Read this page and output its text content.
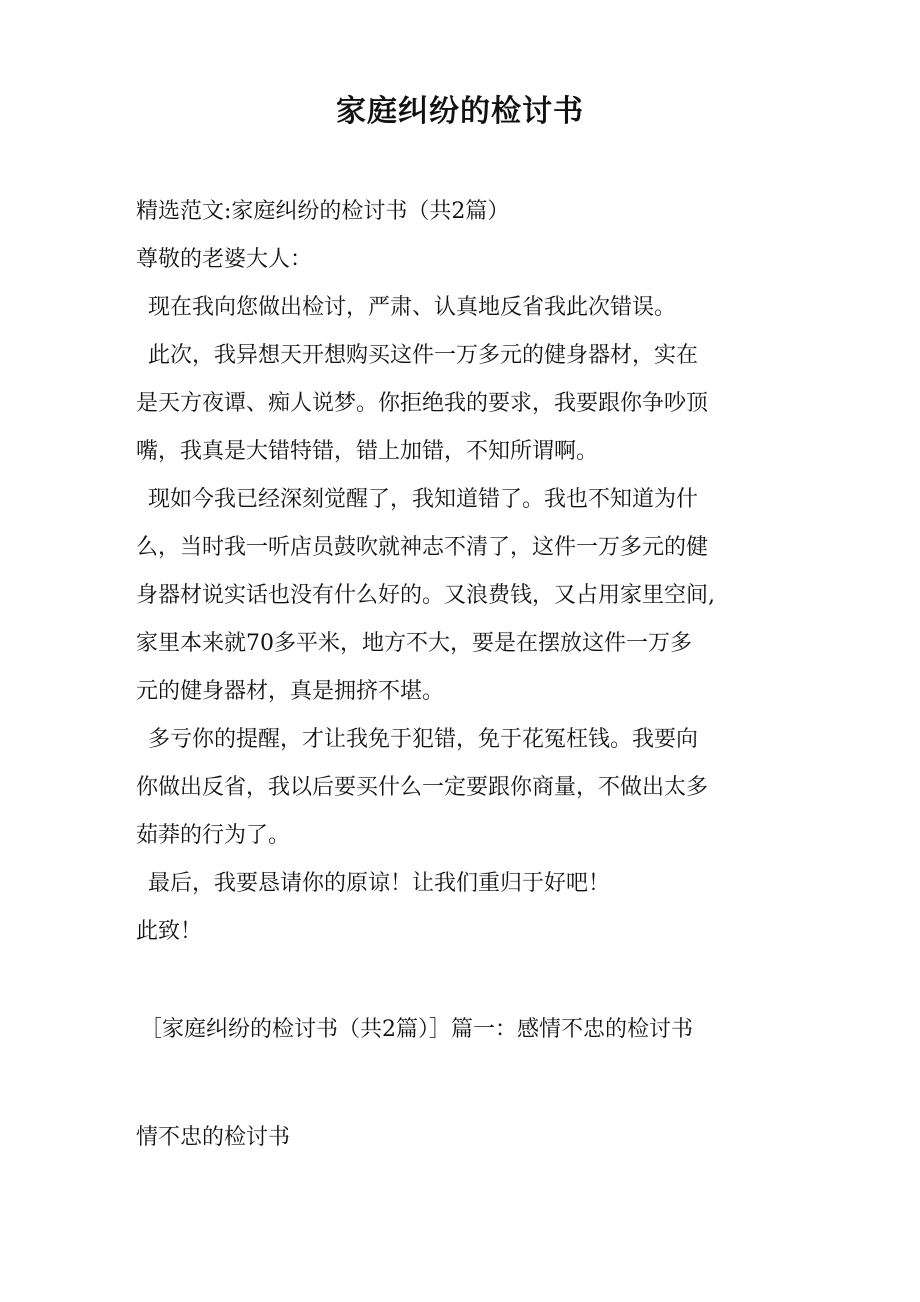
家庭纠纷的检讨书
精选范文:家庭纠纷的检讨书（共2篇）
尊敬的老婆大人：
现在我向您做出检讨，严肃、认真地反省我此次错误。
此次，我异想天开想购买这件一万多元的健身器材，实在
是天方夜谭、痴人说梦。你拒绝我的要求，我要跟你争吵顶
嘴，我真是大错特错，错上加错，不知所谓啊。
现如今我已经深刻觉醒了，我知道错了。我也不知道为什
么，当时我一听店员鼓吹就神志不清了，这件一万多元的健
身器材说实话也没有什么好的。又浪费钱，又占用家里空间,
家里本来就70多平米，地方不大，要是在摆放这件一万多
元的健身器材，真是拥挤不堪。
多亏你的提醒，才让我免于犯错，免于花冤枉钱。我要向
你做出反省，我以后要买什么一定要跟你商量，不做出太多
茹莽的行为了。
最后，我要恳请你的原谅！让我们重归于好吧！
此致！
［家庭纠纷的检讨书（共2篇）］篇一：感情不忠的检讨书
情不忠的检讨书
